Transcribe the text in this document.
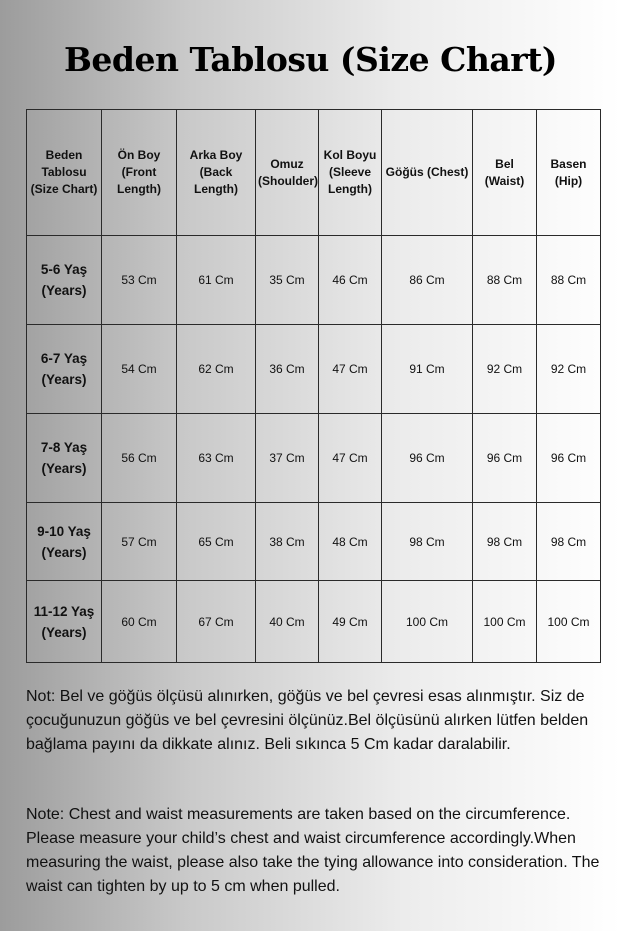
Beden Tablosu (Size Chart)
Beden Tablosu (Size Chart)	Ön Boy (Front Length)	Arka Boy (Back Length)	Omuz (Shoulder)	Kol Boyu (Sleeve Length)	Göğüs (Chest)	Bel (Waist)	Basen (Hip)
5-6 Yaş (Years)	53 Cm	61 Cm	35 Cm	46 Cm	86 Cm	88 Cm	88 Cm
6-7 Yaş (Years)	54 Cm	62 Cm	36 Cm	47 Cm	91 Cm	92 Cm	92 Cm
7-8 Yaş (Years)	56 Cm	63 Cm	37 Cm	47 Cm	96 Cm	96 Cm	96 Cm
9-10 Yaş (Years)	57 Cm	65 Cm	38 Cm	48 Cm	98 Cm	98 Cm	98 Cm
11-12 Yaş (Years)	60 Cm	67 Cm	40 Cm	49 Cm	100 Cm	100 Cm	100 Cm
Not: Bel ve göğüs ölçüsü alınırken, göğüs ve bel çevresi esas alınmıştır. Siz de çocuğunuzun göğüs ve bel çevresini ölçünüz.Bel ölçüsünü alırken lütfen belden bağlama payını da dikkate alınız. Beli sıkınca 5 Cm kadar daralabilir.
Note: Chest and waist measurements are taken based on the circumference. Please measure your child’s chest and waist circumference accordingly.When measuring the waist, please also take the tying allowance into consideration. The waist can tighten by up to 5 cm when pulled.
